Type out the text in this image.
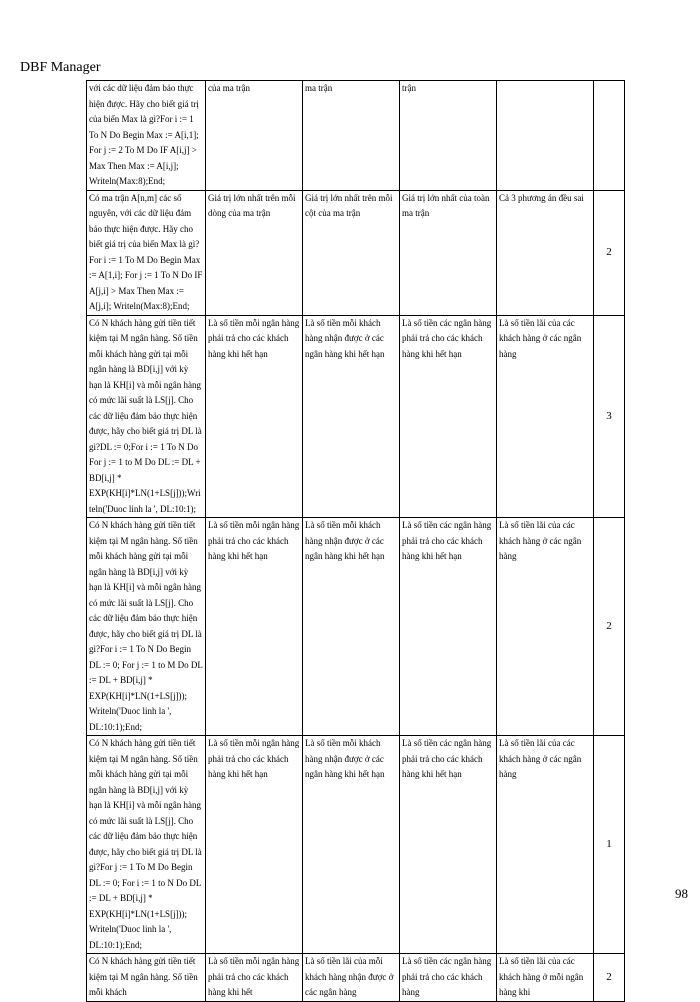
DBF Manager
với các dữ liệu đảm bảo thực hiện được. Hãy cho biết giá trị của biến Max là gì?For i := 1 To N Do Begin Max := A[i,1]; For j := 2 To M Do IF A[i,j] > Max Then Max := A[i,j]; Writeln(Max:8);End;	của ma trận	ma trận	trận		
Có ma trận A[n,m] các số nguyên, với các dữ liệu đảm bảo thực hiện được. Hãy cho biết giá trị của biến Max là gì?For i := 1 To M Do Begin Max := A[1,i]; For j := 1 To N Do IF A[j,i] > Max Then Max := A[j,i]; Writeln(Max:8);End;	Giá trị lớn nhất trên mỗi dòng của ma trận	Giá trị lớn nhất trên mỗi cột của ma trận	Giá trị lớn nhất của toàn ma trận	Cả 3 phương án đều sai	2
Có N khách hàng gửi tiền tiết kiệm tại M ngân hàng. Số tiền mỗi khách hàng gửi tại mỗi ngân hàng là BD[i,j] với kỳ hạn là KH[i] và mỗi ngân hàng có mức lãi suất là LS[j]. Cho các dữ liệu đảm bảo thực hiện được, hãy cho biết giá trị DL là gì?DL := 0;For i := 1 To N Do For j := 1 to M Do DL := DL + BD[i,j] * EXP(KH[i]*LN(1+LS[j]));Writeln('Duoc linh la ', DL:10:1);	Là số tiền mỗi ngân hàng phải trả cho các khách hàng khi hết hạn	Là số tiền mỗi khách hàng nhận được ở các ngân hàng khi hết hạn	Là số tiền các ngân hàng phải trả cho các khách hàng khi hết hạn	Là số tiền lãi của các khách hàng ở các ngân hàng	3
Có N khách hàng gửi tiền tiết kiệm tại M ngân hàng. Số tiền mỗi khách hàng gửi tại mỗi ngân hàng là BD[i,j] với kỳ hạn là KH[i] và mỗi ngân hàng có mức lãi suất là LS[j]. Cho các dữ liệu đảm bảo thực hiện được, hãy cho biết giá trị DL là gì?For i := 1 To N Do Begin DL := 0; For j := 1 to M Do DL := DL + BD[i,j] * EXP(KH[i]*LN(1+LS[j])); Writeln('Duoc linh la ', DL:10:1);End;	Là số tiền mỗi ngân hàng phải trả cho các khách hàng khi hết hạn	Là số tiền mỗi khách hàng nhận được ở các ngân hàng khi hết hạn	Là số tiền các ngân hàng phải trả cho các khách hàng khi hết hạn	Là số tiền lãi của các khách hàng ở các ngân hàng	2
Có N khách hàng gửi tiền tiết kiệm tại M ngân hàng. Số tiền mỗi khách hàng gửi tại mỗi ngân hàng là BD[i,j] với kỳ hạn là KH[i] và mỗi ngân hàng có mức lãi suất là LS[j]. Cho các dữ liệu đảm bảo thực hiện được, hãy cho biết giá trị DL là gì?For j := 1 To M Do Begin DL := 0; For i := 1 to N Do DL := DL + BD[i,j] * EXP(KH[i]*LN(1+LS[j])); Writeln('Duoc linh la ', DL:10:1);End;	Là số tiền mỗi ngân hàng phải trả cho các khách hàng khi hết hạn	Là số tiền mỗi khách hàng nhận được ở các ngân hàng khi hết hạn	Là số tiền các ngân hàng phải trả cho các khách hàng khi hết hạn	Là số tiền lãi của các khách hàng ở các ngân hàng	1
Có N khách hàng gửi tiền tiết kiệm tại M ngân hàng. Số tiền mỗi khách	Là số tiền mỗi ngân hàng phải trả cho các khách hàng khi hết	Là số tiền lãi của mỗi khách hàng nhận được ở các ngân hàng	Là số tiền các ngân hàng phải trả cho các khách hàng	Là số tiền lãi của các khách hàng ở mỗi ngân hàng khi	2
98
